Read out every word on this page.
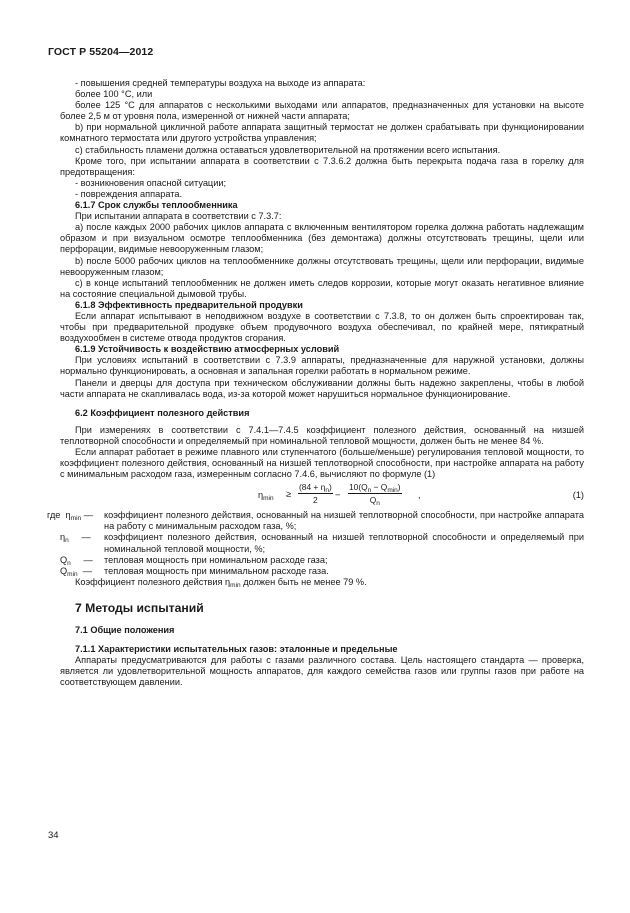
ГОСТ Р 55204—2012

- повышения средней температуры воздуха на выходе из аппарата:

более 100 °С, или

более 125 °С для аппаратов с несколькими выходами или аппаратов, предназначенных для установки на высоте более 2,5 м от уровня пола, измеренной от нижней части аппарата;

b) при нормальной цикличной работе аппарата защитный термостат не должен срабатывать при функционировании комнатного термостата или другого устройства управления;

с) стабильность пламени должна оставаться удовлетворительной на протяжении всего испытания.

Кроме того, при испытании аппарата в соответствии с 7.3.6.2 должна быть перекрыта подача газа в горелку для предотвращения:

- возникновения опасной ситуации;

- повреждения аппарата.

6.1.7 Срок службы теплообменника

При испытании аппарата в соответствии с 7.3.7:

а) после каждых 2000 рабочих циклов аппарата с включенным вентилятором горелка должна работать надлежащим образом и при визуальном осмотре теплообменника (без демонтажа) должны отсутствовать трещины, щели или перфорации, видимые невооруженным глазом;

b) после 5000 рабочих циклов на теплообменнике должны отсутствовать трещины, щели или перфорации, видимые невооруженным глазом;

с) в конце испытаний теплообменник не должен иметь следов коррозии, которые могут оказать негативное влияние на состояние специальной дымовой трубы.

6.1.8 Эффективность предварительной продувки

Если аппарат испытывают в неподвижном воздухе в соответствии с 7.3.8, то он должен быть спроектирован так, чтобы при предварительной продувке объем продувочного воздуха обеспечивал, по крайней мере, пятикратный воздухообмен в системе отвода продуктов сгорания.

6.1.9 Устойчивость к воздействию атмосферных условий

При условиях испытаний в соответствии с 7.3.9 аппараты, предназначенные для наружной установки, должны нормально функционировать, а основная и запальная горелки работать в нормальном режиме.

Панели и дверцы для доступа при техническом обслуживании должны быть надежно закреплены, чтобы в любой части аппарата не скапливалась вода, из-за которой может нарушиться нормальное функционирование.

6.2 Коэффициент полезного действия

При измерениях в соответствии с 7.4.1—7.4.5 коэффициент полезного действия, основанный на низшей теплотворной способности и определяемый при номинальной тепловой мощности, должен быть не менее 84 %.

Если аппарат работает в режиме плавного или ступенчатого (больше/меньше) регулирования тепловой мощности, то коэффициент полезного действия, основанный на низшей теплотворной способности, при настройке аппарата на работу с минимальным расходом газа, измеренным согласно 7.4.6, вычисляют по формуле (1)

$\eta_{min} \ge \frac{(84 + \eta_n)}{2}$ −
$10(Q_n - Q_{min})$
$Q_n$
,	(1)
где $\eta_{min}$ —	коэффициент полезного действия, основанный на низшей теплотворной способности, при настройке аппарата на работу с минимальным расходом газа, %;
$\eta_n$ —	коэффициент полезного действия, основанный на низшей теплотворной способности и определяемый при номинальной тепловой мощности, %;
$Q_n$ —	тепловая мощность при номинальном расходе газа;
$Q_{min}$ —	тепловая мощность при минимальном расходе газа.

Коэффициент полезного действия $\eta_{min}$ должен быть не менее 79 %.

7 Методы испытаний

7.1 Общие положения

7.1.1 Характеристики испытательных газов: эталонные и предельные

Аппараты предусматриваются для работы с газами различного состава. Цель настоящего стандарта — проверка, является ли удовлетворительной мощность аппаратов, для каждого семейства газов или группы газов при работе на соответствующем давлении.

34
